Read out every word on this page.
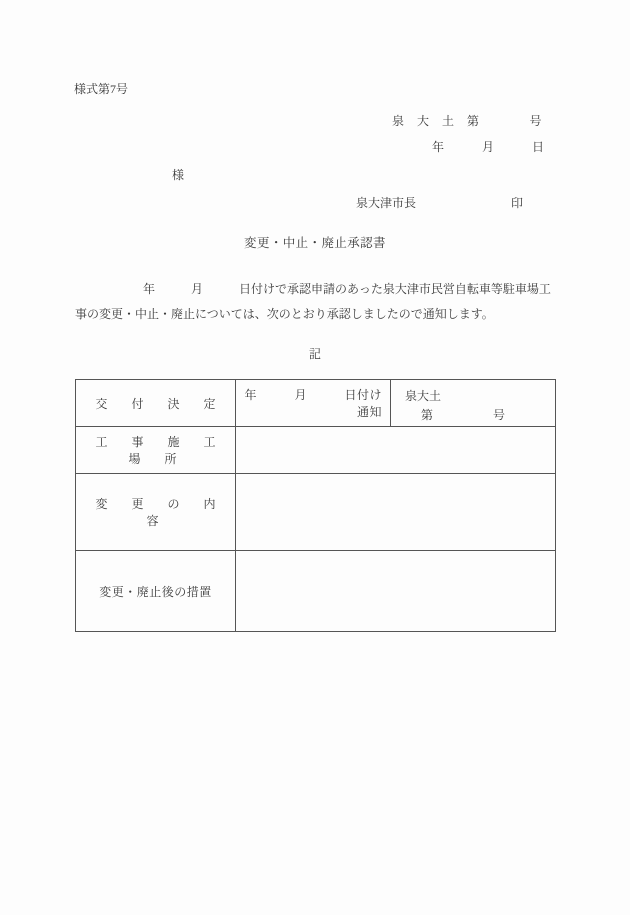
様式第7号
泉　大　土　第　　　　号
年　　　月　　　日
様
泉大津市長	印
変更・中止・廃止承認書
年　　　月　　　日付けで承認申請のあった泉大津市民営自転車等駐車場工事の変更・中止・廃止については、次のとおり承認しましたので通知します。
記
交　付　決　定	年　　　月　　　日付け通知	泉大土
第　　　　　号

工　事　施　工　場　所		
変　更　の　内　容		
変更・廃止後の措置		
